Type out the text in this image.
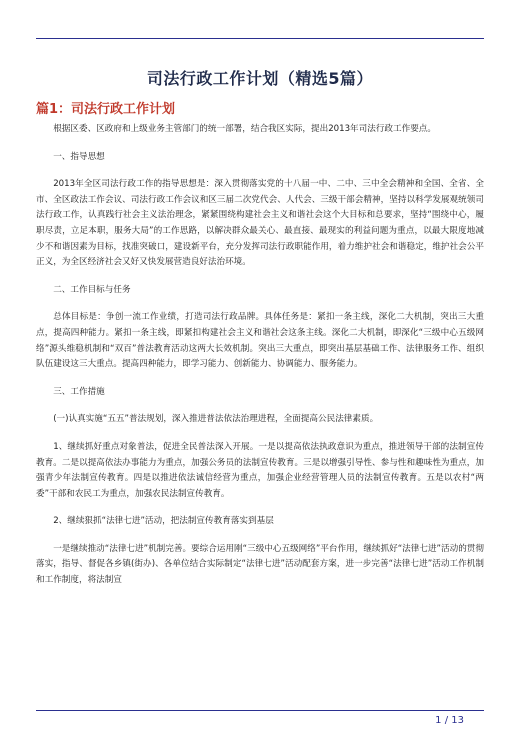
司法行政工作计划（精选5篇）
篇1：司法行政工作计划

根据区委、区政府和上级业务主管部门的统一部署，结合我区实际，提出2013年司法行政工作要点。

一、指导思想

2013年全区司法行政工作的指导思想是：深入贯彻落实党的十八届一中、二中、三中全会精神和全国、全省、全市、全区政法工作会议、司法行政工作会议和区三届二次党代会、人代会、三级干部会精神，坚持以科学发展观统领司法行政工作，认真践行社会主义法治理念，紧紧围绕构建社会主义和谐社会这个大目标和总要求，坚持“围绕中心，履职尽责，立足本职，服务大局”的工作思路，以解决群众最关心、最直接、最现实的利益问题为重点，以最大限度地减少不和谐因素为目标，找准突破口，建设新平台，充分发挥司法行政职能作用，着力维护社会和谐稳定，维护社会公平正义，为全区经济社会又好又快发展营造良好法治环境。

二、工作目标与任务

总体目标是：争创一流工作业绩，打造司法行政品牌。具体任务是：紧扣一条主线，深化二大机制，突出三大重点，提高四种能力。紧扣一条主线，即紧扣构建社会主义和谐社会这条主线。深化二大机制，即深化“三级中心五级网络”源头维稳机制和“双百”普法教育活动这两大长效机制。突出三大重点，即突出基层基础工作、法律服务工作、组织队伍建设这三大重点。提高四种能力，即学习能力、创新能力、协调能力、服务能力。

三、工作措施

(一)认真实施“五五”普法规划，深入推进普法依法治理进程，全面提高公民法律素质。

1、继续抓好重点对象普法，促进全民普法深入开展。一是以提高依法执政意识为重点，推进领导干部的法制宣传教育。二是以提高依法办事能力为重点，加强公务员的法制宣传教育。三是以增强引导性、参与性和趣味性为重点，加强青少年法制宣传教育。四是以推进依法诚信经营为重点，加强企业经营管理人员的法制宣传教育。五是以农村“两委”干部和农民工为重点，加强农民法制宣传教育。

2、继续狠抓“法律七进”活动，把法制宣传教育落实到基层

一是继续推动“法律七进”机制完善。要综合运用刚“三级中心五级网络”平台作用，继续抓好“法律七进”活动的贯彻落实，指导、督促各乡镇(街办)、各单位结合实际制定“法律七进”活动配套方案，进一步完善“法律七进”活动工作机制和工作制度，将法制宣

1 / 13
